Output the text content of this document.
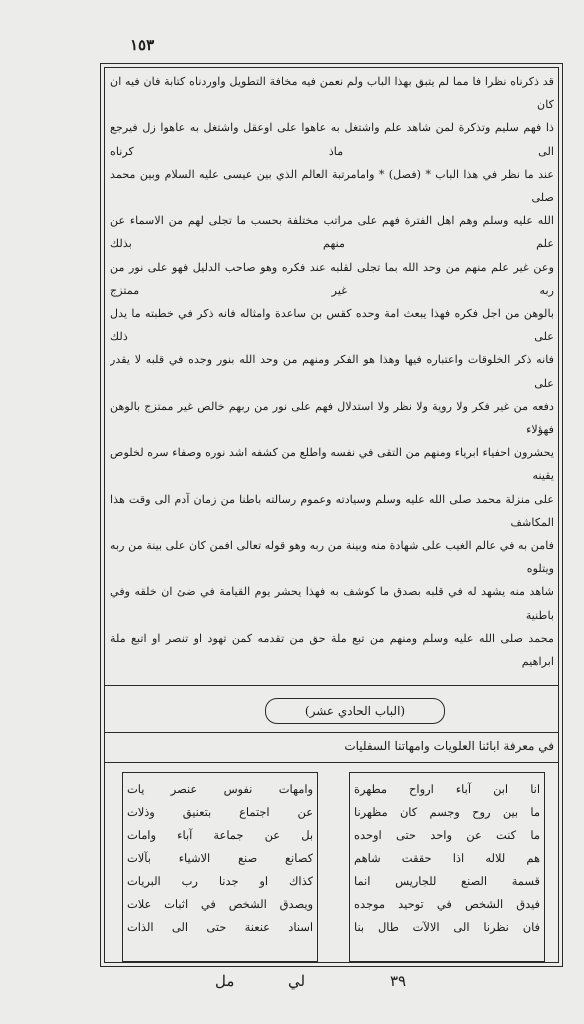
١٥٣

قد ذكرناه نظرا فا مما لم يتبق بهذا الباب ولم نعمن فيه مخافة التطويل واوردناه كتابة فان فيه ان كان

ذا فهم سليم وتذكرة لمن شاهد علم واشتغل به عاهوا على اوعقل واشتغل به عاهوا زل فيرجع الى ماذ كرناه

عند ما نظر في هذا الباب * (فصل) * وامامرتبة العالم الذي بين عيسى عليه السلام وبين محمد صلى

الله عليه وسلم وهم اهل الفترة فهم على مراتب مختلفة بحسب ما تجلى لهم من الاسماء عن علم منهم بذلك

وعن غير علم منهم من وحد الله بما تجلى لقلبه عند فكره وهو صاحب الدليل فهو على نور من ربه غير ممتزج

بالوهن من اجل فكره فهذا يبعث امة وحده كقس بن ساعدة وامثاله فانه ذكر في خطبته ما يدل على ذلك

فانه ذكر الخلوقات واعتباره فيها وهذا هو الفكر ومنهم من وحد الله بنور وجده في قلبه لا يقدر على

دفعه من غير فكر ولا روية ولا نظر ولا استدلال فهم على نور من ربهم خالص غير ممتزج بالوهن فهؤلاء

يحشرون احفياء ابرياء ومنهم من التقى في نفسه واطلع من كشفه اشد نوره وصفاء سره لخلوص يقينه

على منزلة محمد صلى الله عليه وسلم وسيادته وعموم رسالته باطنا من زمان آدم الى وقت هذا المكاشف

فامن به في عالم الغيب على شهادة منه وبينة من ربه وهو قوله تعالى افمن كان على بينة من ربه ويتلوه

شاهد منه يشهد له في قلبه بصدق ما كوشف به فهذا يحشر يوم القيامة في ضئ ان خلقه وفي باطنية

محمد صلى الله عليه وسلم ومنهم من تبع ملة حق من تقدمه كمن تهود او تنصر او اتبع ملة ابراهيم

(الباب الحادي عشر)
في معرفة ابائنا العلويات وامهاتنا السفليات
انا ابن آباء ارواح مطهرة
ما بين روح وجسم كان مظهرنا
ما كنت عن واحد حتى اوحده
هم للاله اذا حققت شاهم
قسمة الصنع للجاريس انما
فيدق الشخص في توحيد موجده
فان نظرنا الى الالآت طال بنا
وامهات نفوس عنصر يات
عن اجتماع بتعنيق وذلات
بل عن جماعة آباء وامات
كصانع صنع الاشياء بآلات
كذاك او جدنا رب البريات
ويصدق الشخص في اثبات علات
اسناد عنعنة حتى الى الذات
مل	لي	٣٩
